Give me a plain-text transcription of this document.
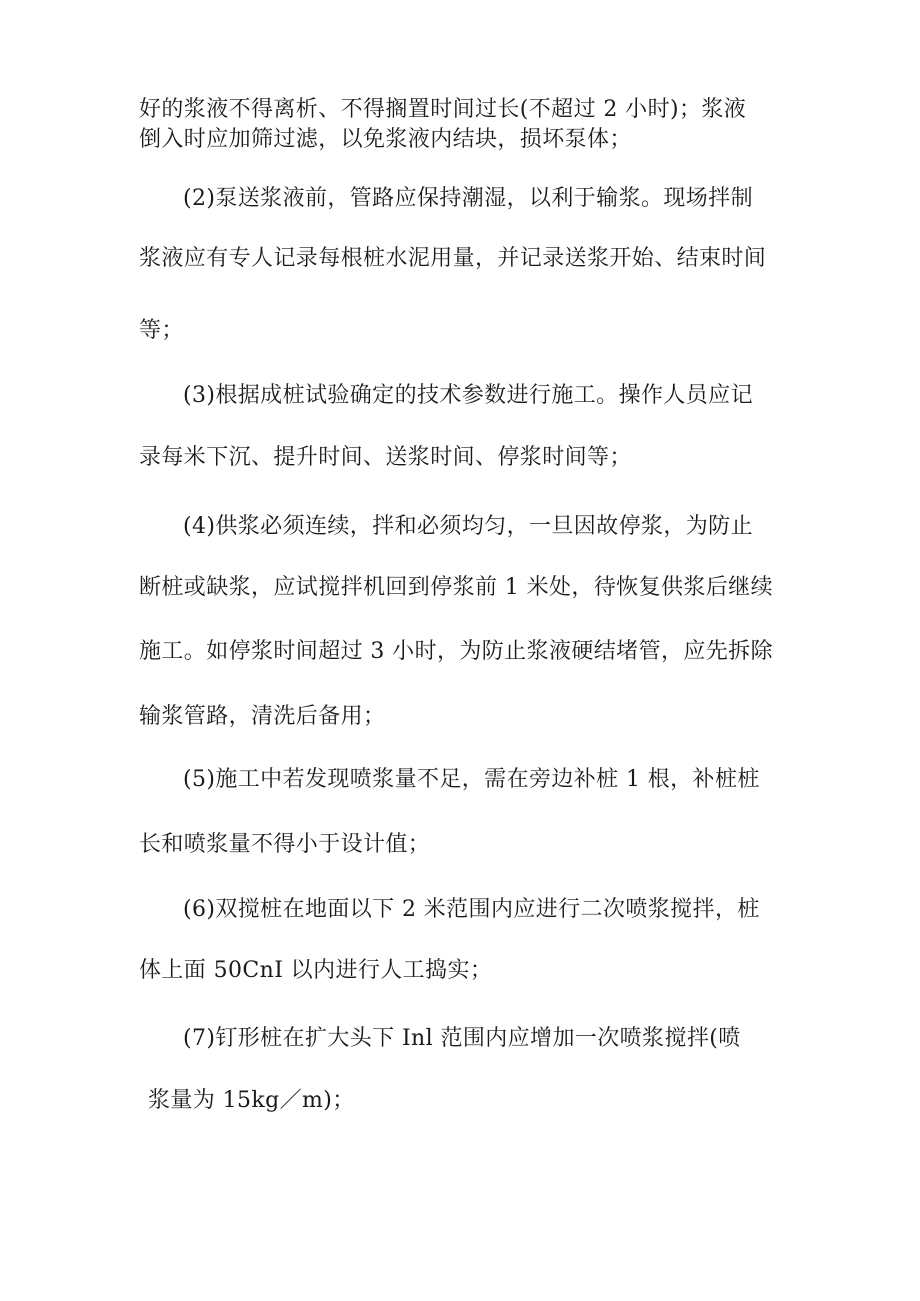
好的浆液不得离析、不得搁置时间过长(不超过 2 小时)；浆液
倒入时应加筛过滤，以免浆液内结块，损坏泵体；
(2)泵送浆液前，管路应保持潮湿，以利于输浆。现场拌制
浆液应有专人记录每根桩水泥用量，并记录送浆开始、结束时间
等；
(3)根据成桩试验确定的技术参数进行施工。操作人员应记
录每米下沉、提升时间、送浆时间、停浆时间等；
(4)供浆必须连续，拌和必须均匀，一旦因故停浆，为防止
断桩或缺浆，应试搅拌机回到停浆前 1 米处，待恢复供浆后继续
施工。如停浆时间超过 3 小时，为防止浆液硬结堵管，应先拆除
输浆管路，清洗后备用；
(5)施工中若发现喷浆量不足，需在旁边补桩 1 根，补桩桩
长和喷浆量不得小于设计值；
(6)双搅桩在地面以下 2 米范围内应进行二次喷浆搅拌，桩
体上面 50CnI 以内进行人工捣实；
(7)钉形桩在扩大头下 Inl 范围内应增加一次喷浆搅拌(喷
浆量为 15kg／m)；
